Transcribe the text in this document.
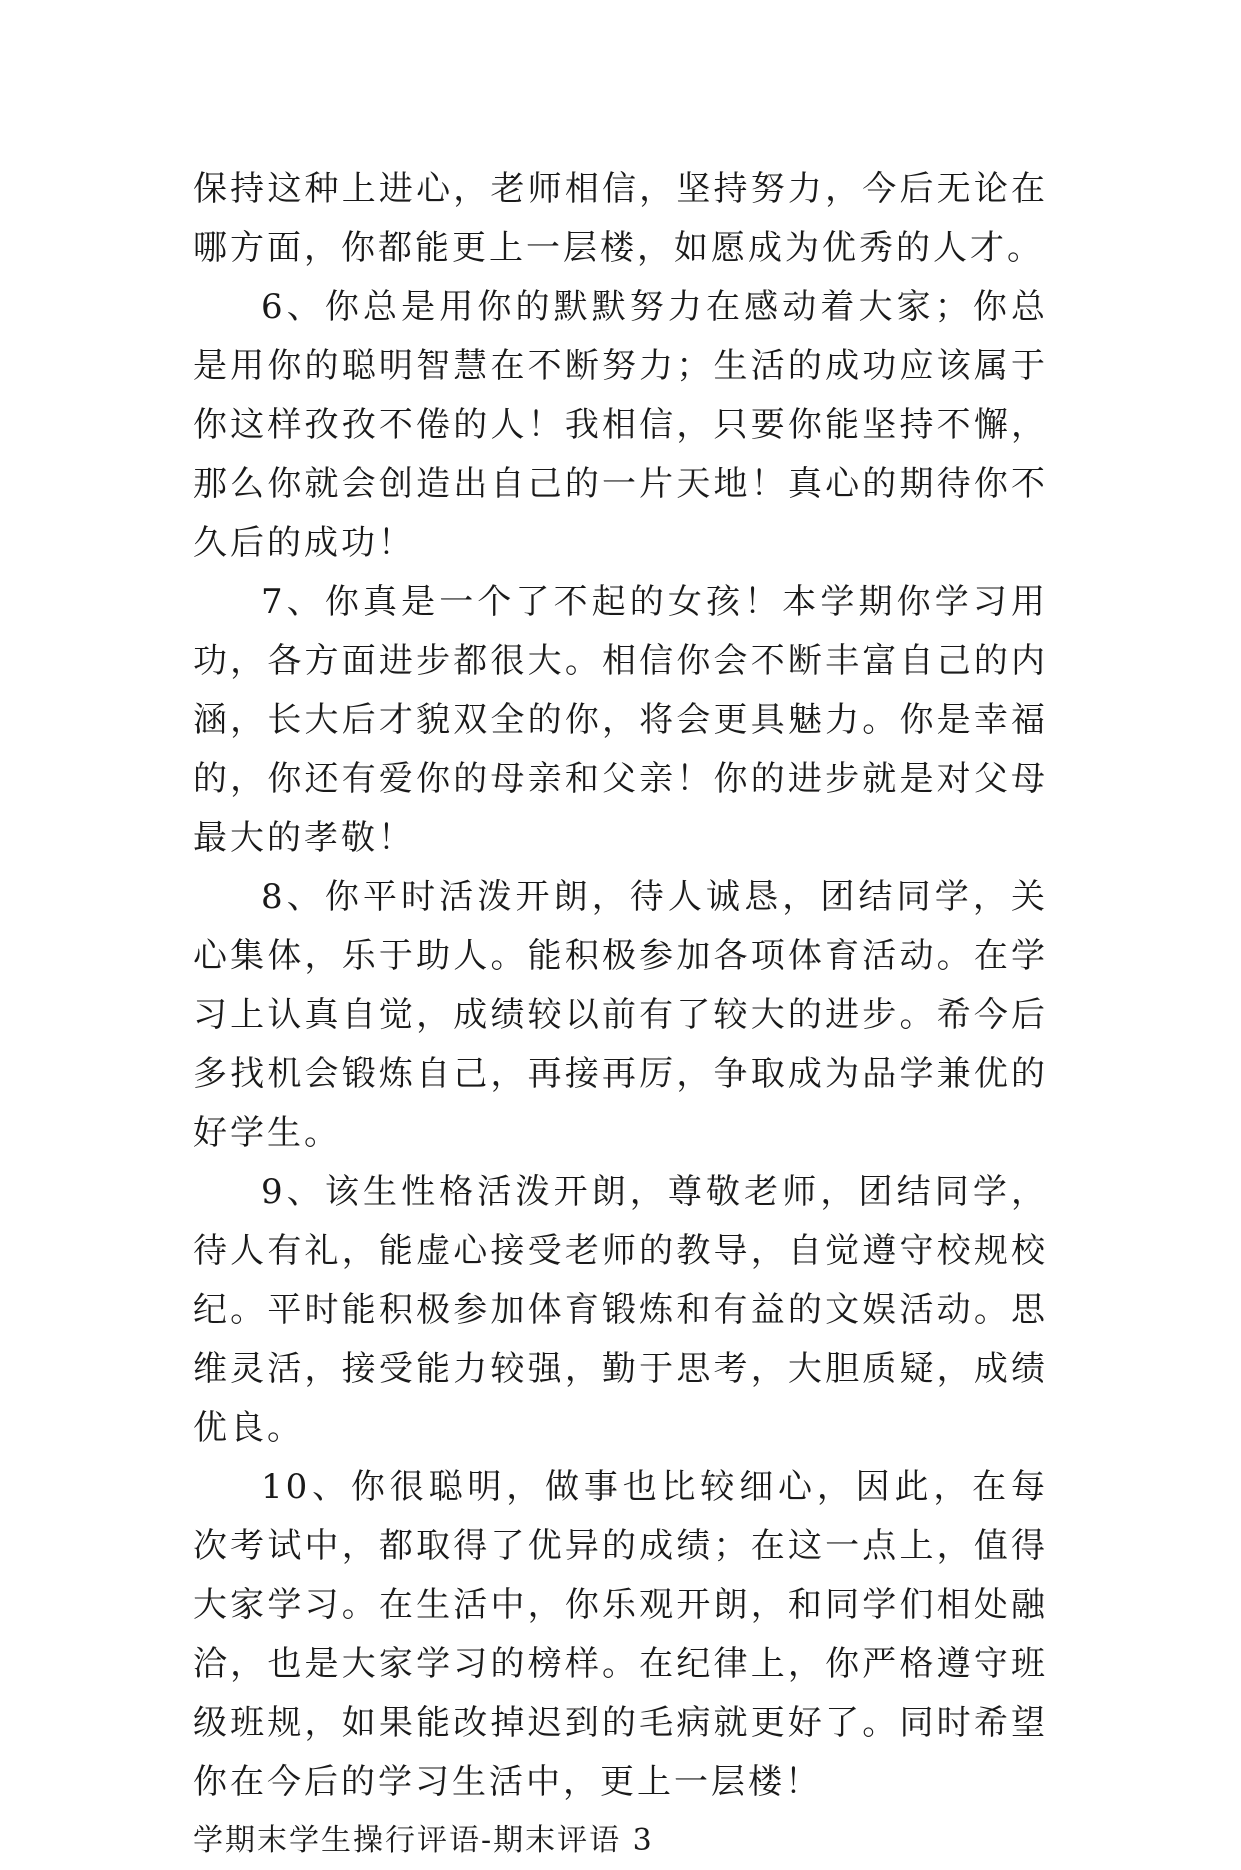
保持这种上进心，老师相信，坚持努力，今后无论在哪方面，你都能更上一层楼，如愿成为优秀的人才。

6、你总是用你的默默努力在感动着大家；你总是用你的聪明智慧在不断努力；生活的成功应该属于你这样孜孜不倦的人！我相信，只要你能坚持不懈，那么你就会创造出自己的一片天地！真心的期待你不久后的成功！

7、你真是一个了不起的女孩！本学期你学习用功，各方面进步都很大。相信你会不断丰富自己的内涵，长大后才貌双全的你，将会更具魅力。你是幸福的，你还有爱你的母亲和父亲！你的进步就是对父母最大的孝敬！

8、你平时活泼开朗，待人诚恳，团结同学，关心集体，乐于助人。能积极参加各项体育活动。在学习上认真自觉，成绩较以前有了较大的进步。希今后多找机会锻炼自己，再接再厉，争取成为品学兼优的好学生。

9、该生性格活泼开朗，尊敬老师，团结同学，待人有礼，能虚心接受老师的教导，自觉遵守校规校纪。平时能积极参加体育锻炼和有益的文娱活动。思维灵活，接受能力较强，勤于思考，大胆质疑，成绩优良。

10、你很聪明，做事也比较细心，因此，在每次考试中，都取得了优异的成绩；在这一点上，值得大家学习。在生活中，你乐观开朗，和同学们相处融洽，也是大家学习的榜样。在纪律上，你严格遵守班级班规，如果能改掉迟到的毛病就更好了。同时希望你在今后的学习生活中，更上一层楼！

学期末学生操行评语-期末评语 3
